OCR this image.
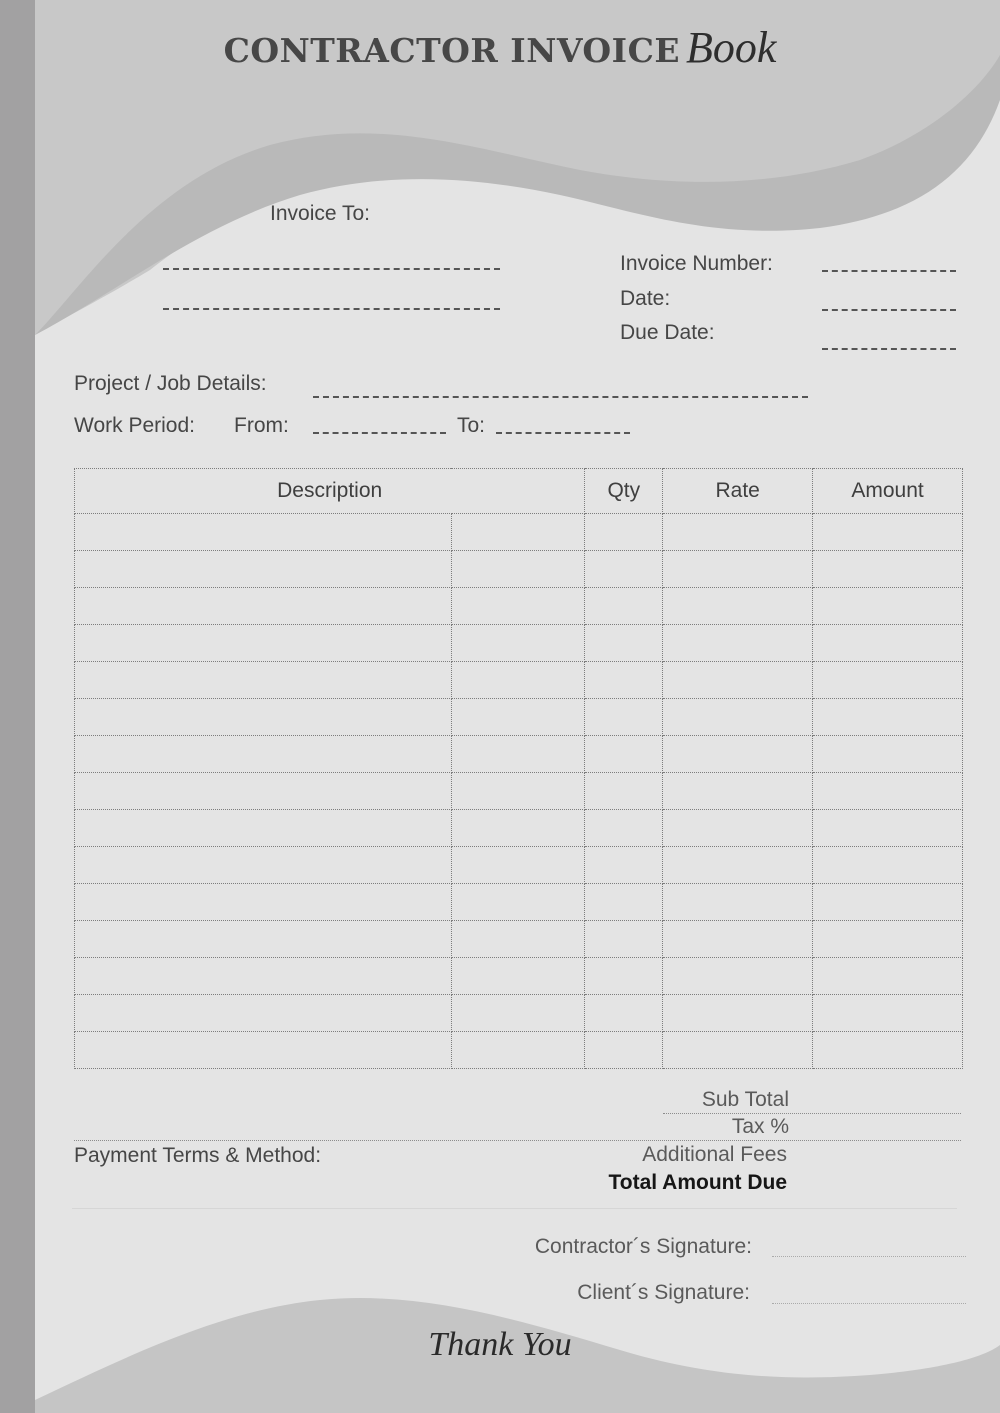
CONTRACTOR INVOICE Book
Invoice To:
Invoice Number:
Date:
Due Date:
Project / Job Details:
Work Period: From:	To:
Description		Qty	Rate	Amount

Sub Total
Tax %
Payment Terms & Method:	Additional Fees
Total Amount Due
Contractor´s Signature:
Client´s Signature:
Thank You
